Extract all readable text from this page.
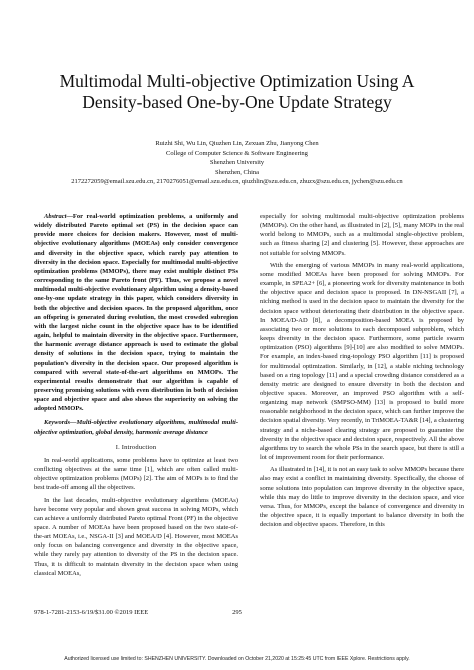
Multimodal Multi-objective Optimization Using A
Density-based One-by-One Update Strategy
Ruizhi Shi, Wu Lin, Qiuzhen Lin, Zexuan Zhu, Jianyong Chen
College of Computer Science & Software Engineering
Shenzhen University
Shenzhen, China
2172272059@email.szu.edu.cn, 2170276051@email.szu.edu.cn, qiuzhlin@szu.edu.cn, zhuzx@szu.edu.cn, jychen@szu.edu.cn

Abstract—For real-world optimization problems, a uniformly and widely distributed Pareto optimal set (PS) in the decision space can provide more choices for decision makers. However, most of multi-objective evolutionary algorithms (MOEAs) only consider convergence and diversity in the objective space, which rarely pay attention to diversity in the decision space. Especially for multimodal multi-objective optimization problems (MMOPs), there may exist multiple distinct PSs corresponding to the same Pareto front (PF). Thus, we propose a novel multimodal multi-objective evolutionary algorithm using a density-based one-by-one update strategy in this paper, which considers diversity in both the objective and decision spaces. In the proposed algorithm, once an offspring is generated during evolution, the most crowded subregion with the largest niche count in the objective space has to be identified again, helpful to maintain diversity in the objective space. Furthermore, the harmonic average distance approach is used to estimate the global density of solutions in the decision space, trying to maintain the population’s diversity in the decision space. Our proposed algorithm is compared with several state-of-the-art algorithms on MMOPs. The experimental results demonstrate that our algorithm is capable of preserving promising solutions with even distribution in both of decision space and objective space and also shows the superiority on solving the adopted MMOPs.

Keywords—Multi-objective evolutionary algorithms, multimodal multi-objective optimization, global density, harmonic average distance

I. Introduction

In real-world applications, some problems have to optimize at least two conflicting objectives at the same time [1], which are often called multi-objective optimization problems (MOPs) [2]. The aim of MOPs is to find the best trade-off among all the objectives.

In the last decades, multi-objective evolutionary algorithms (MOEAs) have become very popular and shown great success in solving MOPs, which can achieve a uniformly distributed Pareto optimal Front (PF) in the objective space. A number of MOEAs have been proposed based on the two state-of-the-art MOEAs, i.e., NSGA-II [3] and MOEA/D [4]. However, most MOEAs only focus on balancing convergence and diversity in the objective space, while they rarely pay attention to diversity of the PS in the decision space. Thus, it is difficult to maintain diversity in the decision space when using classical MOEAs,

especially for solving multimodal multi-objective optimization problems (MMOPs). On the other hand, as illustrated in [2], [5], many MOPs in the real world belong to MMOPs, such as a multimodal single-objective problem, such as fitness sharing [2] and clustering [5]. However, these approaches are not suitable for solving MMOPs.

With the emerging of various MMOPs in many real-world applications, some modified MOEAs have been proposed for solving MMOPs. For example, in SPEA2+ [6], a pioneering work for diversity maintenance in both the objective space and decision space is proposed. In DN-NSGAII [7], a niching method is used in the decision space to maintain the diversity for the decision space without deteriorating their distribution in the objective space. In MOEA/D-AD [8], a decomposition-based MOEA is proposed by associating two or more solutions to each decomposed subproblem, which keeps diversity in the decision space. Furthermore, some particle swarm optimization (PSO) algorithms [9]-[10] are also modified to solve MMOPs. For example, an index-based ring-topology PSO algorithm [11] is proposed for multimodal optimization. Similarly, in [12], a stable niching technology based on a ring topology [11] and a special crowding distance considered as a density metric are designed to ensure diversity in both the decision and objective spaces. Moreover, an improved PSO algorithm with a self-organizing map network (SMPSO-MM) [13] is proposed to build more reasonable neighborhood in the decision space, which can further improve the decision spatial diversity. Very recently, in TriMOEA-TA&R [14], a clustering strategy and a niche-based clearing strategy are proposed to guarantee the diversity in the objective space and decision space, respectively. All the above algorithms try to search the whole PSs in the search space, but there is still a lot of improvement room for their performance.

As illustrated in [14], it is not an easy task to solve MMOPs because there also may exist a conflict in maintaining diversity. Specifically, the choose of some solutions into population can improve diversity in the objective space, while this may do little to improve diversity in the decision space, and vice versa. Thus, for MMOPs, except the balance of convergence and diversity in the objective space, it is equally important to balance diversity in both the decision and objective spaces. Therefore, in this

978-1-7281-2153-6/19/$31.00 ©2019 IEEE	295
Authorized licensed use limited to: SHENZHEN UNIVERSITY. Downloaded on October 21,2020 at 15:25:45 UTC from IEEE Xplore. Restrictions apply.
